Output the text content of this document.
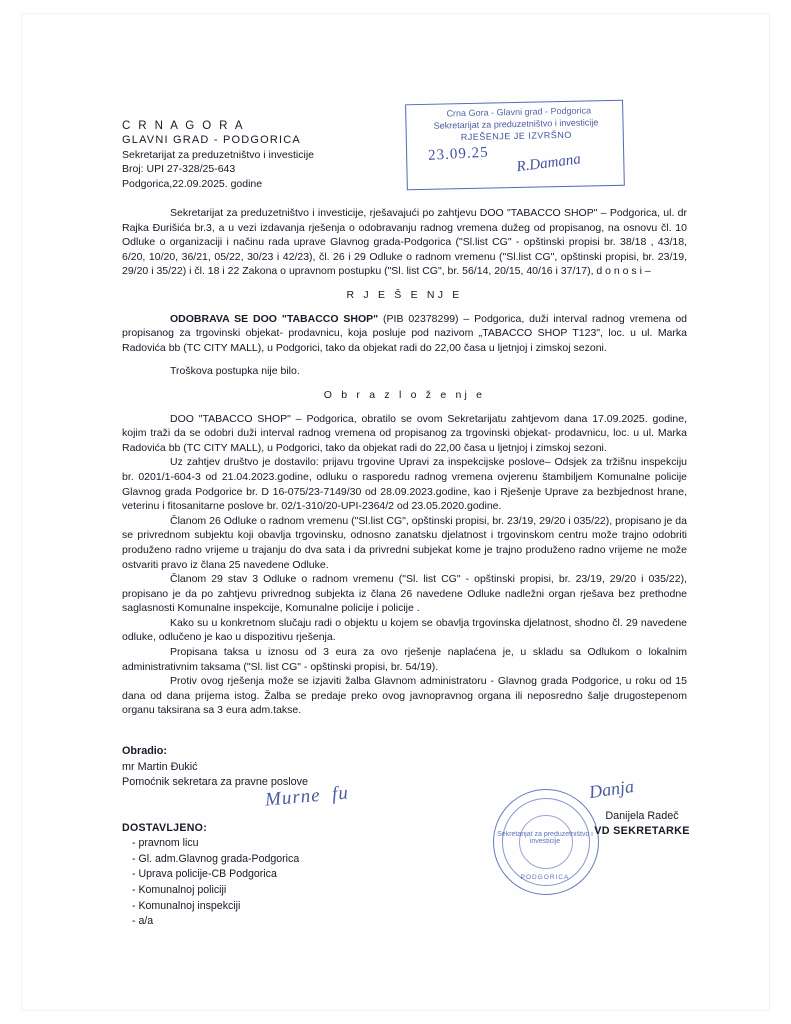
Crna Gora - Glavni grad - Podgorica
Sekretarijat za preduzetništvo i investicije
RJEŠENJE JE IZVRŠNO
23.09.25 R.Damana
C R N A G O R A
GLAVNI GRAD - PODGORICA
Sekretarijat za preduzetništvo i investicije
Broj: UPI 27-328/25-643
Podgorica,22.09.2025. godine

Sekretarijat za preduzetništvo i investicije, rješavajući po zahtjevu DOO "TABACCO SHOP" – Podgorica, ul. dr Rajka Đurišića br.3, a u vezi izdavanja rješenja o odobravanju radnog vremena dužeg od propisanog, na osnovu čl. 10 Odluke o organizaciji i načinu rada uprave Glavnog grada-Podgorica ("Sl.list CG" - opštinski propisi br. 38/18 , 43/18, 6/20, 10/20, 36/21, 05/22, 30/23 i 42/23), čl. 26 i 29 Odluke o radnom vremenu ("Sl.list CG", opštinski propisi, br. 23/19, 29/20 i 35/22) i čl. 18 i 22 Zakona o upravnom postupku ("Sl. list CG", br. 56/14, 20/15, 40/16 i 37/17), d o n o s i –

R J E Š E NJ E

ODOBRAVA SE DOO "TABACCO SHOP" (PIB 02378299) – Podgorica, duži interval radnog vremena od propisanog za trgovinski objekat- prodavnicu, koja posluje pod nazivom „TABACCO SHOP T123", loc. u ul. Marka Radovića bb (TC CITY MALL), u Podgorici, tako da objekat radi do 22,00 časa u ljetnjoj i zimskoj sezoni.

Troškova postupka nije bilo.

O b r a z l o ž e nj e

DOO "TABACCO SHOP" – Podgorica, obratilo se ovom Sekretarijatu zahtjevom dana 17.09.2025. godine, kojim traži da se odobri duži interval radnog vremena od propisanog za trgovinski objekat- prodavnicu, loc. u ul. Marka Radovića bb (TC CITY MALL), u Podgorici, tako da objekat radi do 22,00 časa u ljetnjoj i zimskoj sezoni.

Uz zahtjev društvo je dostavilo: prijavu trgovine Upravi za inspekcijske poslove– Odsjek za tržišnu inspekciju br. 0201/1-604-3 od 21.04.2023.godine, odluku o rasporedu radnog vremena ovjerenu štambiljem Komunalne policije Glavnog grada Podgorice br. D 16-075/23-7149/30 od 28.09.2023.godine, kao i Rješenje Uprave za bezbjednost hrane, veterinu i fitosanitarne poslove br. 02/1-310/20-UPI-2364/2 od 23.05.2020.godine.

Članom 26 Odluke o radnom vremenu ("Sl.list CG", opštinski propisi, br. 23/19, 29/20 i 035/22), propisano je da se privrednom subjektu koji obavlja trgovinsku, odnosno zanatsku djelatnost i trgovinskom centru može trajno odobriti produženo radno vrijeme u trajanju do dva sata i da privredni subjekat kome je trajno produženo radno vrijeme ne može ostvariti pravo iz člana 25 navedene Odluke.

Članom 29 stav 3 Odluke o radnom vremenu ("Sl. list CG" - opštinski propisi, br. 23/19, 29/20 i 035/22), propisano je da po zahtjevu privrednog subjekta iz člana 26 navedene Odluke nadležni organ rješava bez prethodne saglasnosti Komunalne inspekcije, Komunalne policije i policije .

Kako su u konkretnom slučaju radi o objektu u kojem se obavlja trgovinska djelatnost, shodno čl. 29 navedene odluke, odlučeno je kao u dispozitivu rješenja.

Propisana taksa u iznosu od 3 eura za ovo rješenje naplaćena je, u skladu sa Odlukom o lokalnim administrativnim taksama ("Sl. list CG" - opštinski propisi, br. 54/19).

Protiv ovog rješenja može se izjaviti žalba Glavnom administratoru - Glavnog grada Podgorice, u roku od 15 dana od dana prijema istog. Žalba se predaje preko ovog javnopravnog organa ili neposredno šalje drugostepenom organu taksirana sa 3 eura adm.takse.

Obradio:
mr Martin Đukić
Pomoćnik sekretara za pravne poslove
DOSTAVLJENO:
- pravnom licu
- Gl. adm.Glavnog grada-Podgorica
- Uprava policije-CB Podgorica
- Komunalnoj policiji
- Komunalnoj inspekciji
- a/a
Murne  fu
Sekretarijat za preduzetništvo i investicije
PODGORICA
Danja
Danijela Radeč
VD SEKRETARKE
